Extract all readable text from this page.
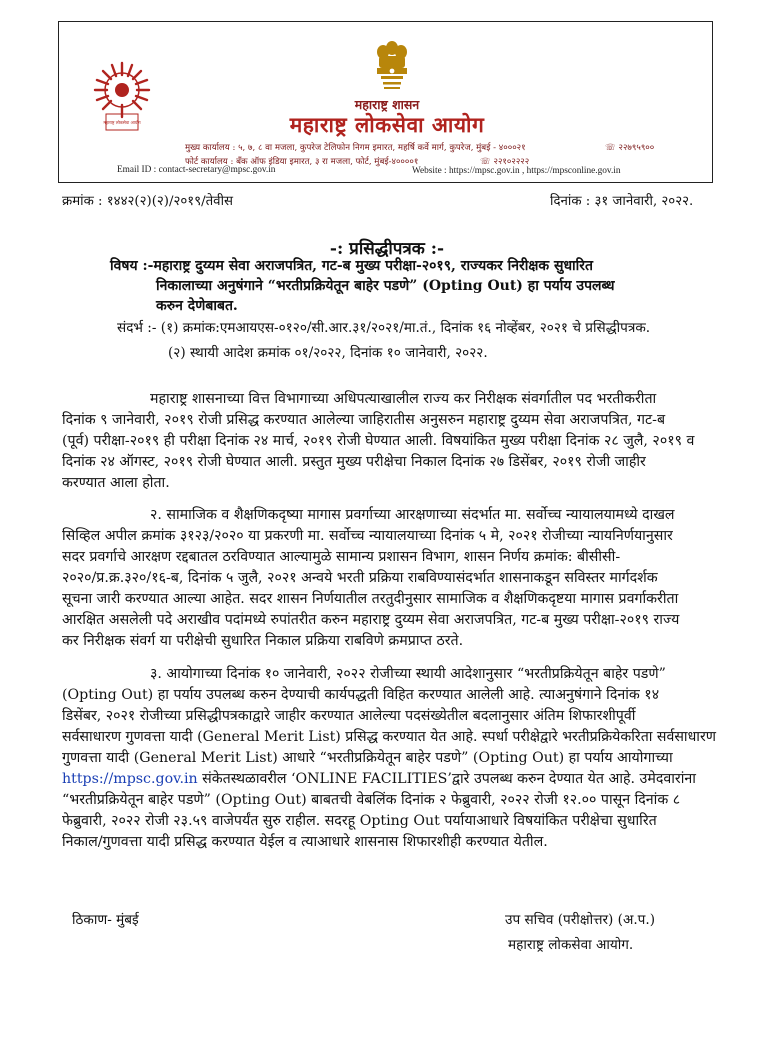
महाराष्ट्र लोकसेवा आयोग
महाराष्ट्र शासन
महाराष्ट्र लोकसेवा आयोग
मुख्य कार्यालय : ५, ७, ८ वा मजला, कुपरेज टेलिफोन निगम इमारत, महर्षि कर्वे मार्ग, कुपरेज, मुंबई - ४०००२१	☏ २२७९५९००
फोर्ट कार्यालय : बँक ऑफ इंडिया इमारत, ३ रा मजला, फोर्ट, मुंबई-४००००१	☏ २२१०२२२२
Email ID : contact-secretary@mpsc.gov.in	Website : https://mpsc.gov.in , https://mpsconline.gov.in
क्रमांक : १४४२(२)(२)/२०१९/तेवीस	दिनांक : ३१ जानेवारी, २०२२.
-: प्रसिद्धीपत्रक :-
विषय :-महाराष्ट्र दुय्यम सेवा अराजपत्रित, गट-ब मुख्य परीक्षा-२०१९, राज्यकर निरीक्षक सुधारित
निकालाच्या अनुषंगाने “भरतीप्रक्रियेतून बाहेर पडणे” (Opting Out) हा पर्याय उपलब्ध
करुन देणेबाबत.
संदर्भ :- (१) क्रमांक:एमआयएस-०१२०/सी.आर.३१/२०२१/मा.तं., दिनांक १६ नोव्हेंबर, २०२१ चे प्रसिद्धीपत्रक.
(२) स्थायी आदेश क्रमांक ०१/२०२२, दिनांक १० जानेवारी, २०२२.
महाराष्ट्र शासनाच्या वित्त विभागाच्या अधिपत्याखालील राज्य कर निरीक्षक संवर्गातील पद भरतीकरीता
दिनांक ९ जानेवारी, २०१९ रोजी प्रसिद्ध करण्यात आलेल्या जाहिरातीस अनुसरुन महाराष्ट्र दुय्यम सेवा अराजपत्रित, गट-ब
(पूर्व) परीक्षा-२०१९ ही परीक्षा दिनांक २४ मार्च, २०१९ रोजी घेण्यात आली. विषयांकित मुख्य परीक्षा दिनांक २८ जुलै, २०१९ व
दिनांक २४ ऑगस्ट, २०१९ रोजी घेण्यात आली. प्रस्तुत मुख्य परीक्षेचा निकाल दिनांक २७ डिसेंबर, २०१९ रोजी जाहीर
करण्यात आला होता.
२. सामाजिक व शैक्षणिकदृष्या मागास प्रवर्गाच्या आरक्षणाच्या संदर्भात मा. सर्वोच्च न्यायालयामध्ये दाखल
सिव्हिल अपील क्रमांक ३१२३/२०२० या प्रकरणी मा. सर्वोच्च न्यायालयाच्या दिनांक ५ मे, २०२१ रोजीच्या न्यायनिर्णयानुसार
सदर प्रवर्गाचे आरक्षण रद्दबातल ठरविण्यात आल्यामुळे सामान्य प्रशासन विभाग, शासन निर्णय क्रमांक: बीसीसी-
२०२०/प्र.क्र.३२०/१६-ब, दिनांक ५ जुलै, २०२१ अन्वये भरती प्रक्रिया राबविण्यासंदर्भात शासनाकडून सविस्तर मार्गदर्शक
सूचना जारी करण्यात आल्या आहेत. सदर शासन निर्णयातील तरतुदीनुसार सामाजिक व शैक्षणिकदृष्टया मागास प्रवर्गाकरीता
आरक्षित असलेली पदे अराखीव पदांमध्ये रुपांतरीत करुन महाराष्ट्र दुय्यम सेवा अराजपत्रित, गट-ब मुख्य परीक्षा-२०१९ राज्य
कर निरीक्षक संवर्ग या परीक्षेची सुधारित निकाल प्रक्रिया राबविणे क्रमप्राप्त ठरते.
३. आयोगाच्या दिनांक १० जानेवारी, २०२२ रोजीच्या स्थायी आदेशानुसार “भरतीप्रक्रियेतून बाहेर पडणे”
(Opting Out) हा पर्याय उपलब्ध करुन देण्याची कार्यपद्धती विहित करण्यात आलेली आहे. त्याअनुषंगाने दिनांक १४
डिसेंबर, २०२१ रोजीच्या प्रसिद्धीपत्रकाद्वारे जाहीर करण्यात आलेल्या पदसंख्येतील बदलानुसार अंतिम शिफारशीपूर्वी
सर्वसाधारण गुणवत्ता यादी (General Merit List) प्रसिद्ध करण्यात येत आहे. स्पर्धा परीक्षेद्वारे भरतीप्रक्रियेकरिता सर्वसाधारण
गुणवत्ता यादी (General Merit List) आधारे “भरतीप्रक्रियेतून बाहेर पडणे” (Opting Out) हा पर्याय आयोगाच्या
https://mpsc.gov.in संकेतस्थळावरील ‘ONLINE FACILITIES’द्वारे उपलब्ध करुन देण्यात येत आहे. उमेदवारांना
“भरतीप्रक्रियेतून बाहेर पडणे” (Opting Out) बाबतची वेबलिंक दिनांक २ फेब्रुवारी, २०२२ रोजी १२.०० पासून दिनांक ८
फेब्रुवारी, २०२२ रोजी २३.५९ वाजेपर्यंत सुरु राहील. सदरहू Opting Out पर्यायाआधारे विषयांकित परीक्षेचा सुधारित
निकाल/गुणवत्ता यादी प्रसिद्ध करण्यात येईल व त्याआधारे शासनास शिफारशीही करण्यात येतील.
ठिकाण- मुंबई	उप सचिव (परीक्षोत्तर) (अ.प.)
महाराष्ट्र लोकसेवा आयोग.
